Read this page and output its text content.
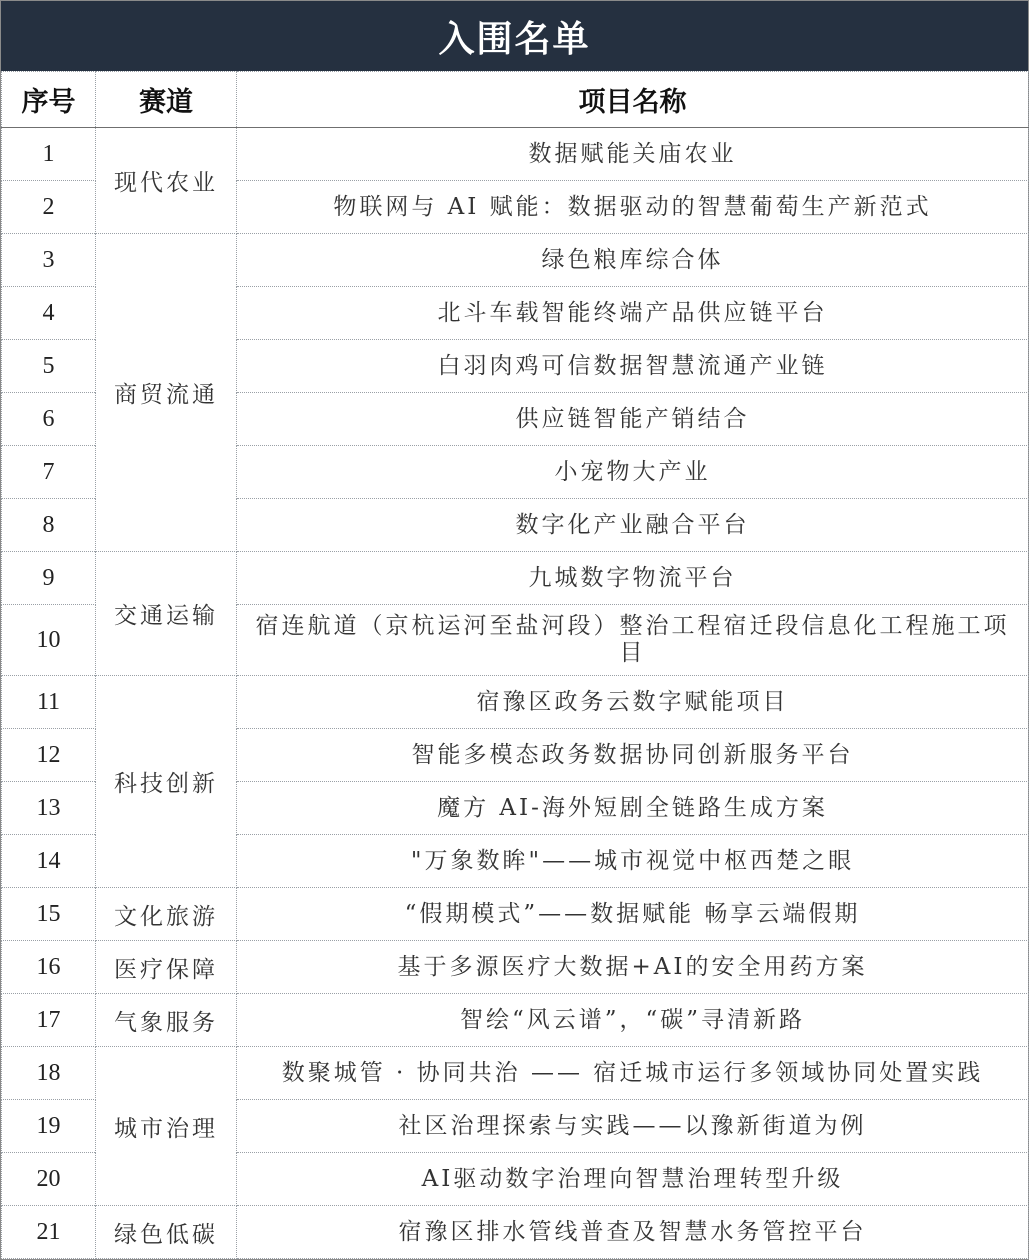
入围名单
序号	赛道	项目名称
1	现代农业	数据赋能关庙农业
2		物联网与 AI 赋能：数据驱动的智慧葡萄生产新范式
3	商贸流通	绿色粮库综合体
4		北斗车载智能终端产品供应链平台
5		白羽肉鸡可信数据智慧流通产业链
6		供应链智能产销结合
7		小宠物大产业
8		数字化产业融合平台
9	交通运输	九城数字物流平台
10		宿连航道（京杭运河至盐河段）整治工程宿迁段信息化工程施工项目
11	科技创新	宿豫区政务云数字赋能项目
12		智能多模态政务数据协同创新服务平台
13		魔方 AI-海外短剧全链路生成方案
14		"万象数眸"——城市视觉中枢西楚之眼
15	文化旅游	“假期模式”——数据赋能 畅享云端假期
16	医疗保障	基于多源医疗大数据+AI的安全用药方案
17	气象服务	智绘“风云谱”，“碳”寻清新路
18	城市治理	数聚城管 · 协同共治 —— 宿迁城市运行多领域协同处置实践
19		社区治理探索与实践——以豫新街道为例
20		AI驱动数字治理向智慧治理转型升级
21	绿色低碳	宿豫区排水管线普查及智慧水务管控平台
